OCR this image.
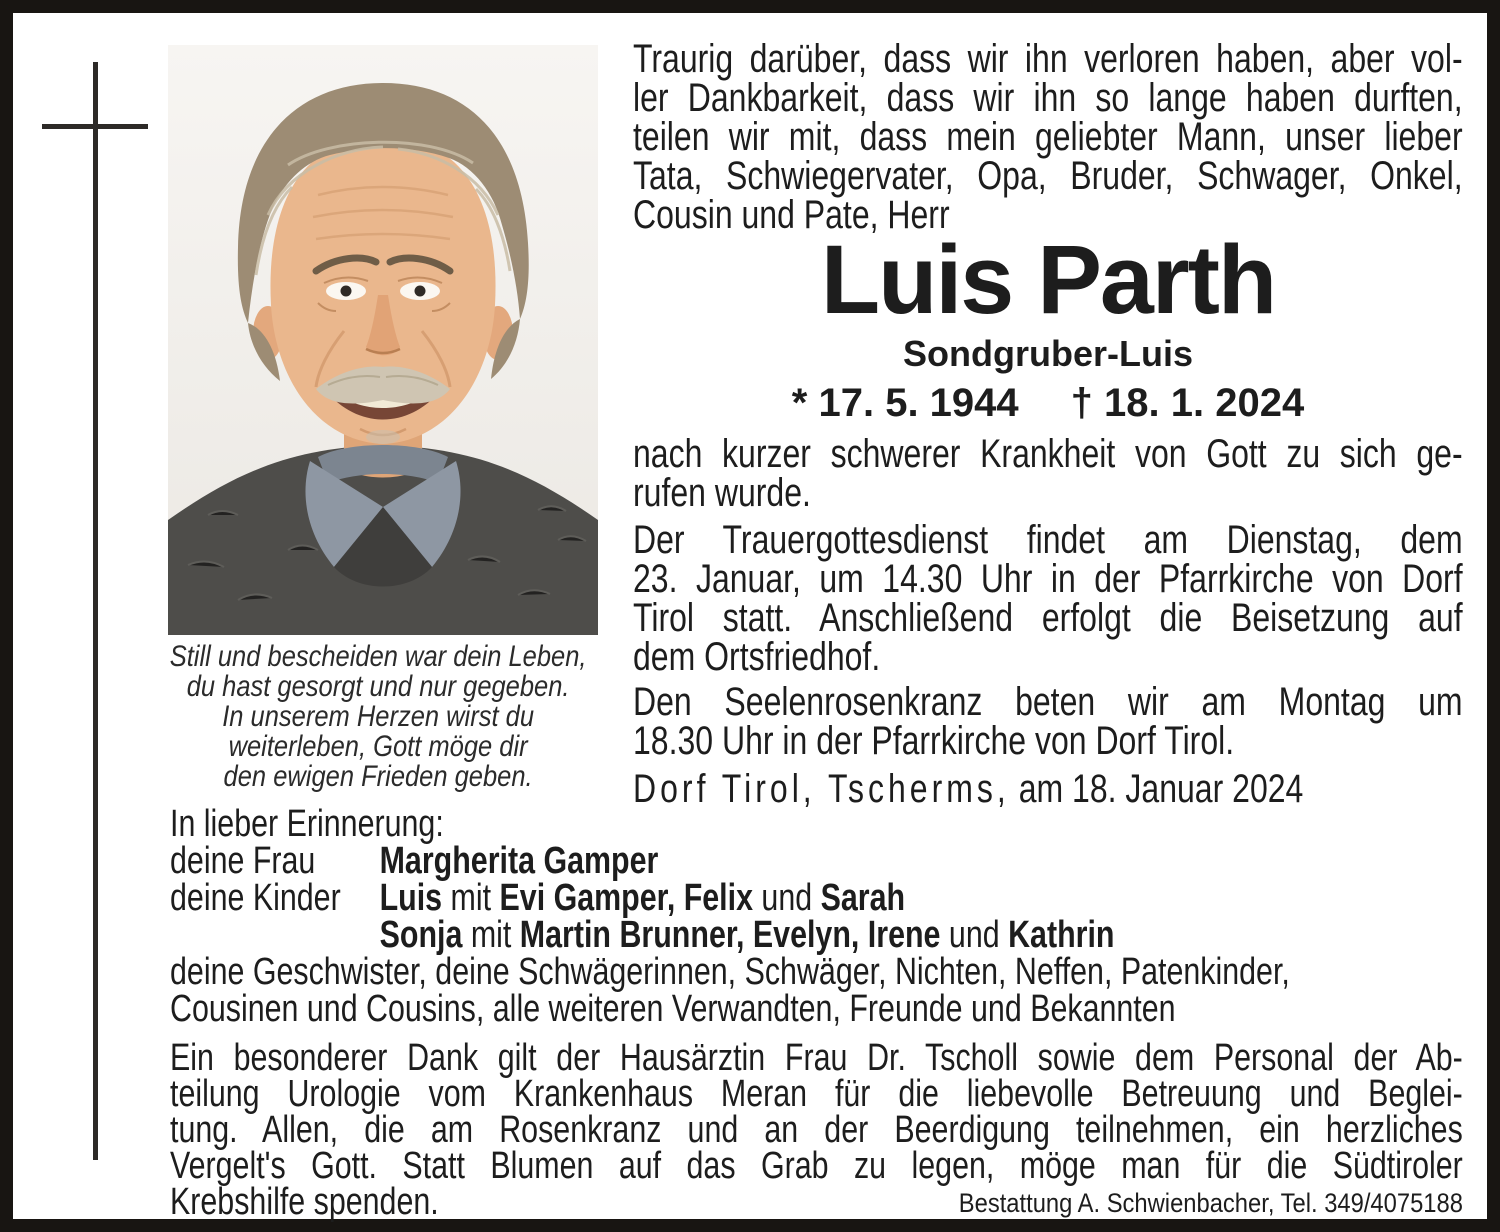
Still und bescheiden war dein Leben,
du hast gesorgt und nur gegeben.
In unserem Herzen wirst du
weiterleben, Gott möge dir
den ewigen Frieden geben.
Traurig darüber, dass wir ihn verloren haben, aber vol-
ler Dankbarkeit, dass wir ihn so lange haben durften,
teilen wir mit, dass mein geliebter Mann, unser lieber
Tata, Schwiegervater, Opa, Bruder, Schwager, Onkel,
Cousin und Pate, Herr
Luis Parth
Sondgruber-Luis
* 17. 5. 1944 † 18. 1. 2024
nach kurzer schwerer Krankheit von Gott zu sich ge-
rufen wurde.
Der Trauergottesdienst findet am Dienstag, dem
23. Januar, um 14.30 Uhr in der Pfarrkirche von Dorf
Tirol statt. Anschließend erfolgt die Beisetzung auf
dem Ortsfriedhof.
Den Seelenrosenkranz beten wir am Montag um
18.30 Uhr in der Pfarrkirche von Dorf Tirol.
Dorf Tirol, Tscherms, am 18. Januar 2024
In lieber Erinnerung:
deine Frau	Margherita Gamper
deine Kinder	Luis mit Evi Gamper, Felix und Sarah
Sonja mit Martin Brunner, Evelyn, Irene und Kathrin
deine Geschwister, deine Schwägerinnen, Schwäger, Nichten, Neffen, Patenkinder,
Cousinen und Cousins, alle weiteren Verwandten, Freunde und Bekannten
Ein besonderer Dank gilt der Hausärztin Frau Dr. Tscholl sowie dem Personal der Ab-
teilung Urologie vom Krankenhaus Meran für die liebevolle Betreuung und Beglei-
tung. Allen, die am Rosenkranz und an der Beerdigung teilnehmen, ein herzliches
Vergelt's Gott. Statt Blumen auf das Grab zu legen, möge man für die Südtiroler
Krebshilfe spenden.	Bestattung A. Schwienbacher, Tel. 349/4075188
